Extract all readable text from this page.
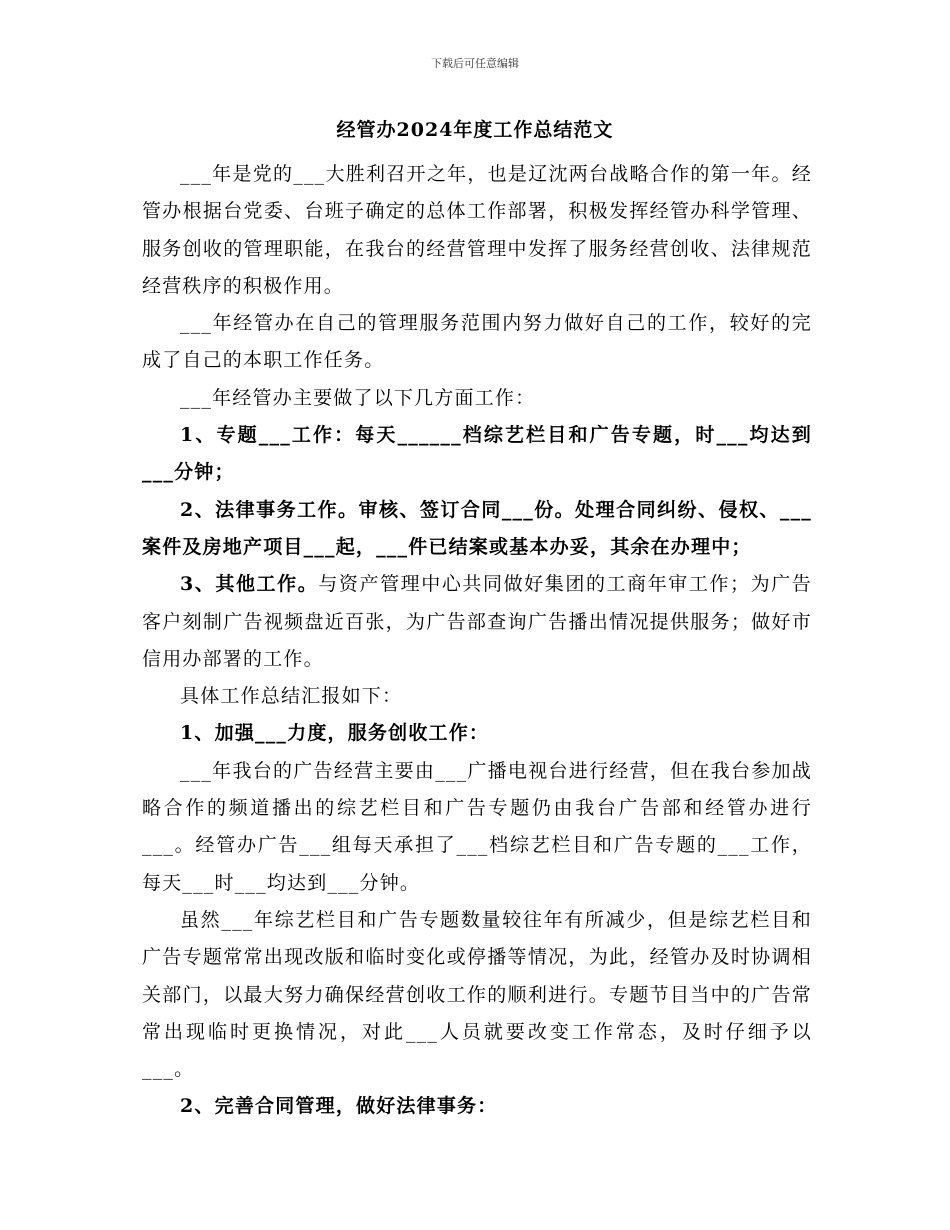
下载后可任意编辑
经管办2024年度工作总结范文

___年是党的___大胜利召开之年，也是辽沈两台战略合作的第一年。经管办根据台党委、台班子确定的总体工作部署，积极发挥经管办科学管理、服务创收的管理职能，在我台的经营管理中发挥了服务经营创收、法律规范经营秩序的积极作用。

___年经管办在自己的管理服务范围内努力做好自己的工作，较好的完成了自己的本职工作任务。

___年经管办主要做了以下几方面工作：

1、专题___工作：每天______档综艺栏目和广告专题，时___均达到___分钟；

2、法律事务工作。审核、签订合同___份。处理合同纠纷、侵权、___案件及房地产项目___起，___件已结案或基本办妥，其余在办理中；

3、其他工作。与资产管理中心共同做好集团的工商年审工作；为广告客户刻制广告视频盘近百张，为广告部查询广告播出情况提供服务；做好市信用办部署的工作。

具体工作总结汇报如下：

1、加强___力度，服务创收工作：

___年我台的广告经营主要由___广播电视台进行经营，但在我台参加战略合作的频道播出的综艺栏目和广告专题仍由我台广告部和经管办进行___。经管办广告___组每天承担了___档综艺栏目和广告专题的___工作，每天___时___均达到___分钟。

虽然___年综艺栏目和广告专题数量较往年有所减少，但是综艺栏目和广告专题常常出现改版和临时变化或停播等情况，为此，经管办及时协调相关部门，以最大努力确保经营创收工作的顺利进行。专题节目当中的广告常常出现临时更换情况，对此___人员就要改变工作常态，及时仔细予以___。

2、完善合同管理，做好法律事务：
